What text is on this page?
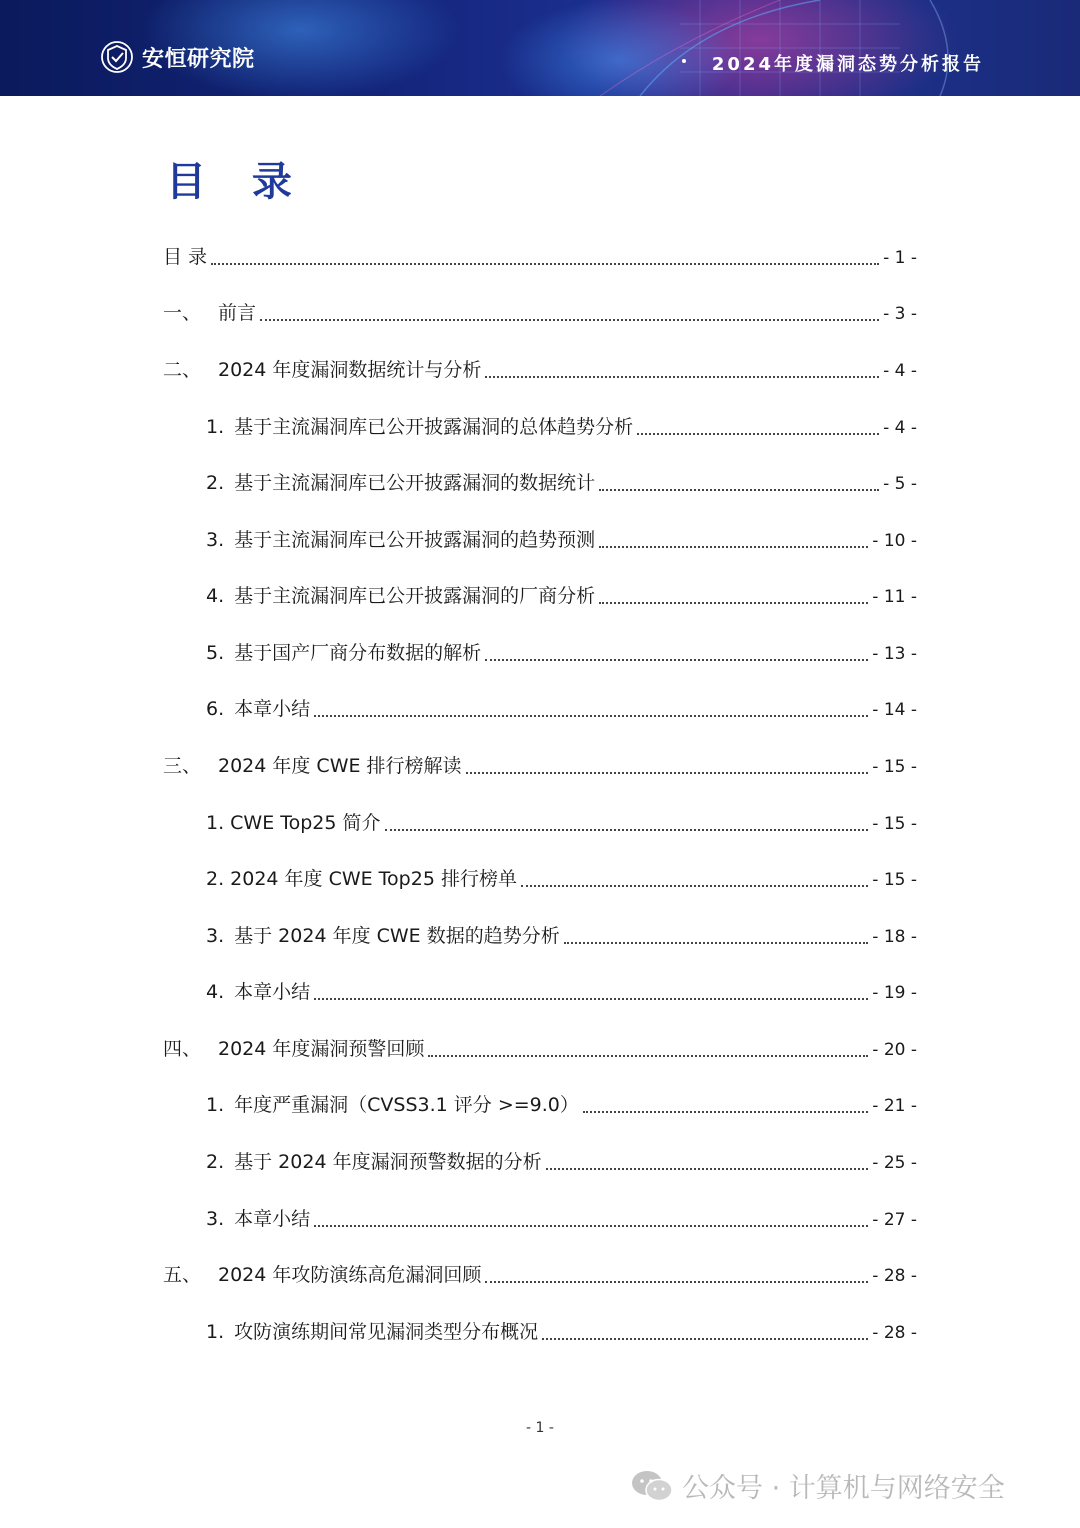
安恒研究院	2024年度漏洞态势分析报告
目 录
目 录	- 1 -
一、 前言	- 3 -
二、 2024 年度漏洞数据统计与分析	- 4 -
1. 基于主流漏洞库已公开披露漏洞的总体趋势分析	- 4 -
2. 基于主流漏洞库已公开披露漏洞的数据统计	- 5 -
3. 基于主流漏洞库已公开披露漏洞的趋势预测	- 10 -
4. 基于主流漏洞库已公开披露漏洞的厂商分析	- 11 -
5. 基于国产厂商分布数据的解析	- 13 -
6. 本章小结	- 14 -
三、 2024 年度 CWE 排行榜解读	- 15 -
1. CWE Top25 简介	- 15 -
2. 2024 年度 CWE Top25 排行榜单	- 15 -
3. 基于 2024 年度 CWE 数据的趋势分析	- 18 -
4. 本章小结	- 19 -
四、 2024 年度漏洞预警回顾	- 20 -
1. 年度严重漏洞（CVSS3.1 评分 >=9.0）	- 21 -
2. 基于 2024 年度漏洞预警数据的分析	- 25 -
3. 本章小结	- 27 -
五、 2024 年攻防演练高危漏洞回顾	- 28 -
1. 攻防演练期间常见漏洞类型分布概况	- 28 -
- 1 -
公众号 · 计算机与网络安全
